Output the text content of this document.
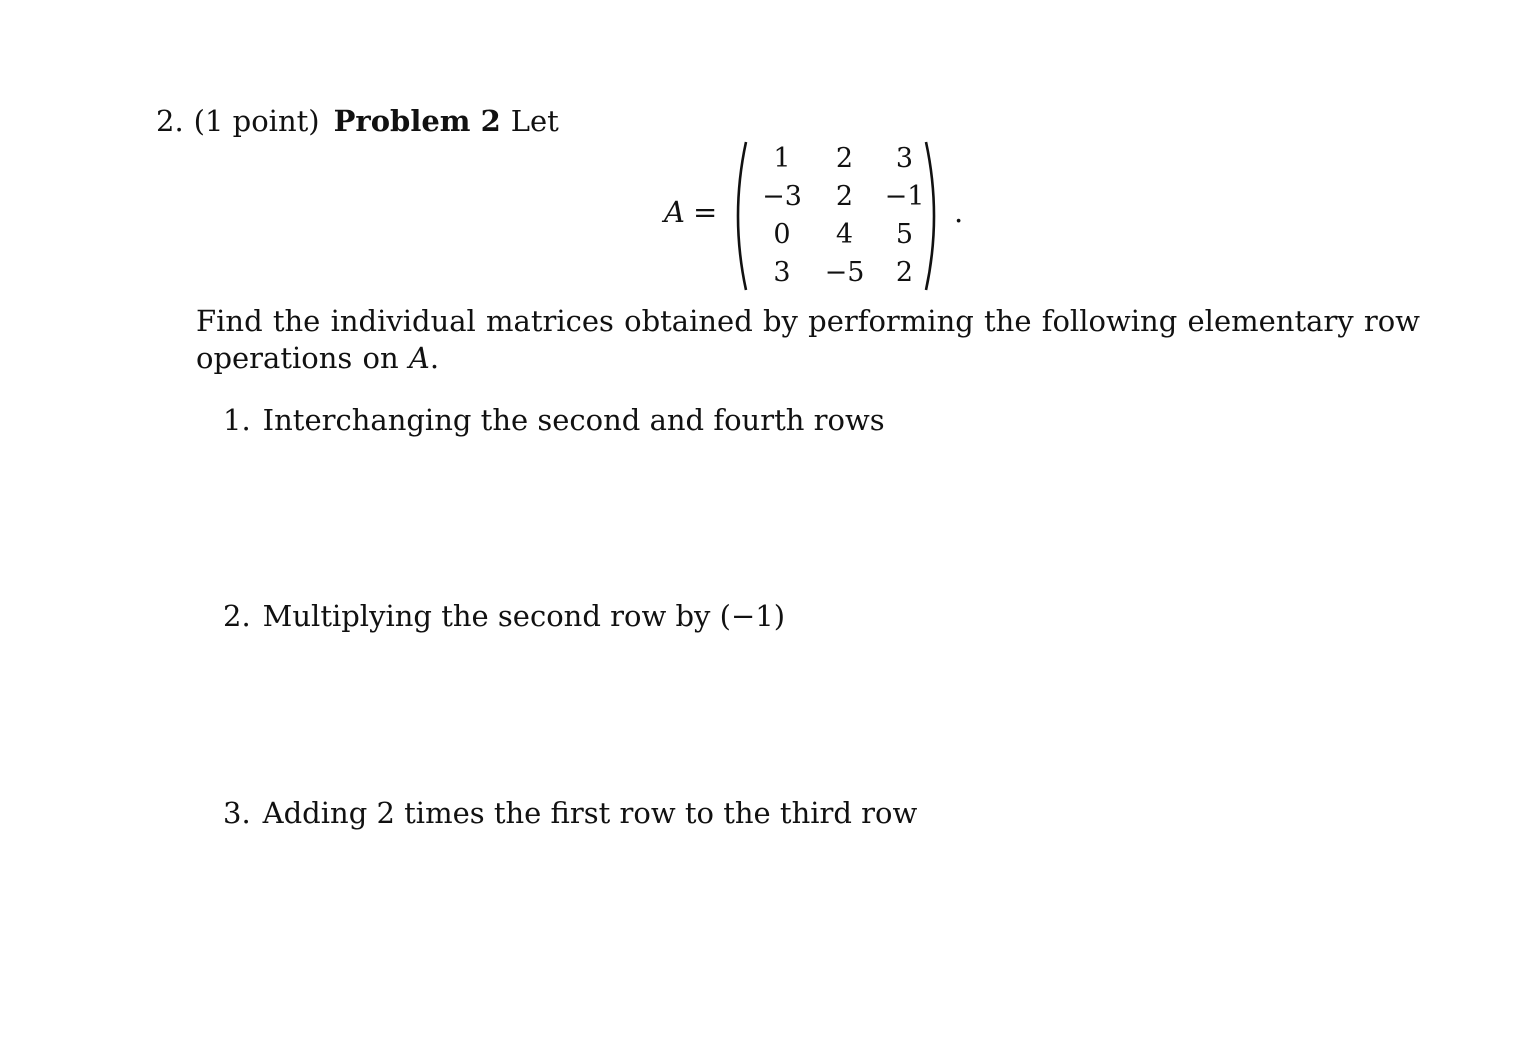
2. (1 point) Problem 2 Let
A =
1	2	3
−3	2	−1
0	4	5
3	−5	2
.
Find the individual matrices obtained by performing the following elementary row operations on A.
1. Interchanging the second and fourth rows
2. Multiplying the second row by (−1)
3. Adding 2 times the first row to the third row
